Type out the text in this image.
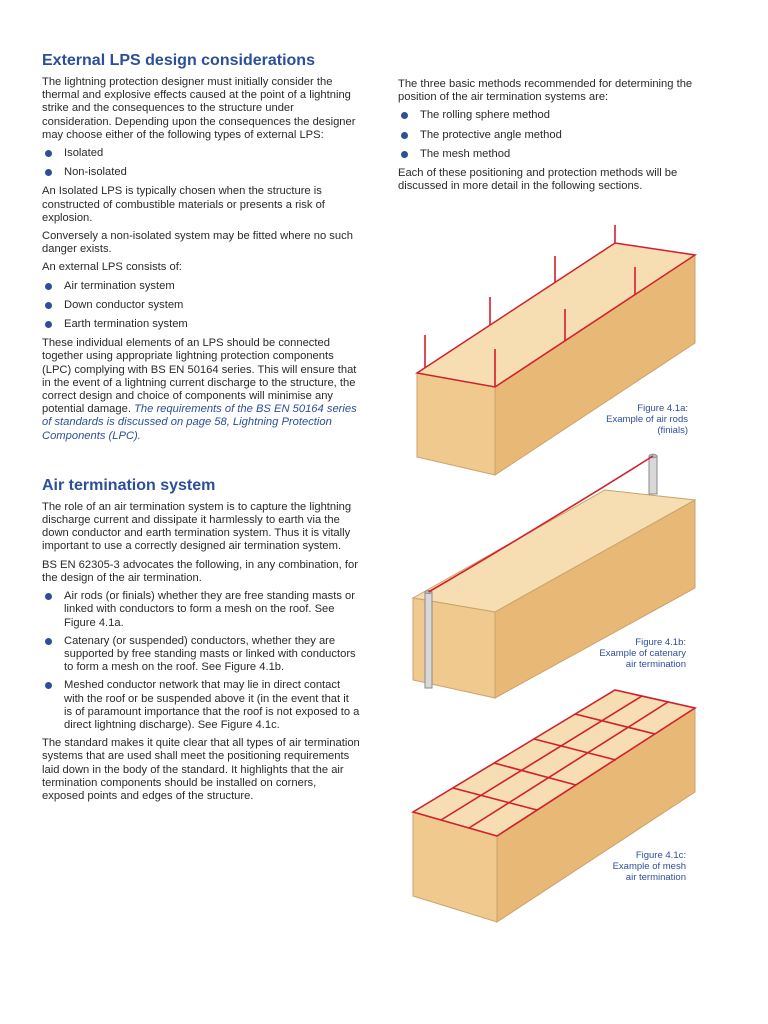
External LPS design considerations

The lightning protection designer must initially consider the thermal and explosive effects caused at the point of a lightning strike and the consequences to the structure under consideration. Depending upon the consequences the designer may choose either of the following types of external LPS:

Isolated
Non-isolated

An Isolated LPS is typically chosen when the structure is constructed of combustible materials or presents a risk of explosion.

Conversely a non-isolated system may be fitted where no such danger exists.

An external LPS consists of:

Air termination system
Down conductor system
Earth termination system

These individual elements of an LPS should be connected together using appropriate lightning protection components (LPC) complying with BS EN 50164 series. This will ensure that in the event of a lightning current discharge to the structure, the correct design and choice of components will minimise any potential damage. The requirements of the BS EN 50164 series of standards is discussed on page 58, Lightning Protection Components (LPC).

Air termination system

The role of an air termination system is to capture the lightning discharge current and dissipate it harmlessly to earth via the down conductor and earth termination system. Thus it is vitally important to use a correctly designed air termination system.

BS EN 62305-3 advocates the following, in any combination, for the design of the air termination.

Air rods (or finials) whether they are free standing masts or linked with conductors to form a mesh on the roof. See Figure 4.1a.
Catenary (or suspended) conductors, whether they are supported by free standing masts or linked with conductors to form a mesh on the roof. See Figure 4.1b.
Meshed conductor network that may lie in direct contact with the roof or be suspended above it (in the event that it is of paramount importance that the roof is not exposed to a direct lightning discharge). See Figure 4.1c.

The standard makes it quite clear that all types of air termination systems that are used shall meet the positioning requirements laid down in the body of the standard. It highlights that the air termination components should be installed on corners, exposed points and edges of the structure.

The three basic methods recommended for determining the position of the air termination systems are:

The rolling sphere method
The protective angle method
The mesh method

Each of these positioning and protection methods will be discussed in more detail in the following sections.

Figure 4.1a:
Example of air rods
(finials)
Figure 4.1b:
Example of catenary
air termination
Figure 4.1c:
Example of mesh
air termination
